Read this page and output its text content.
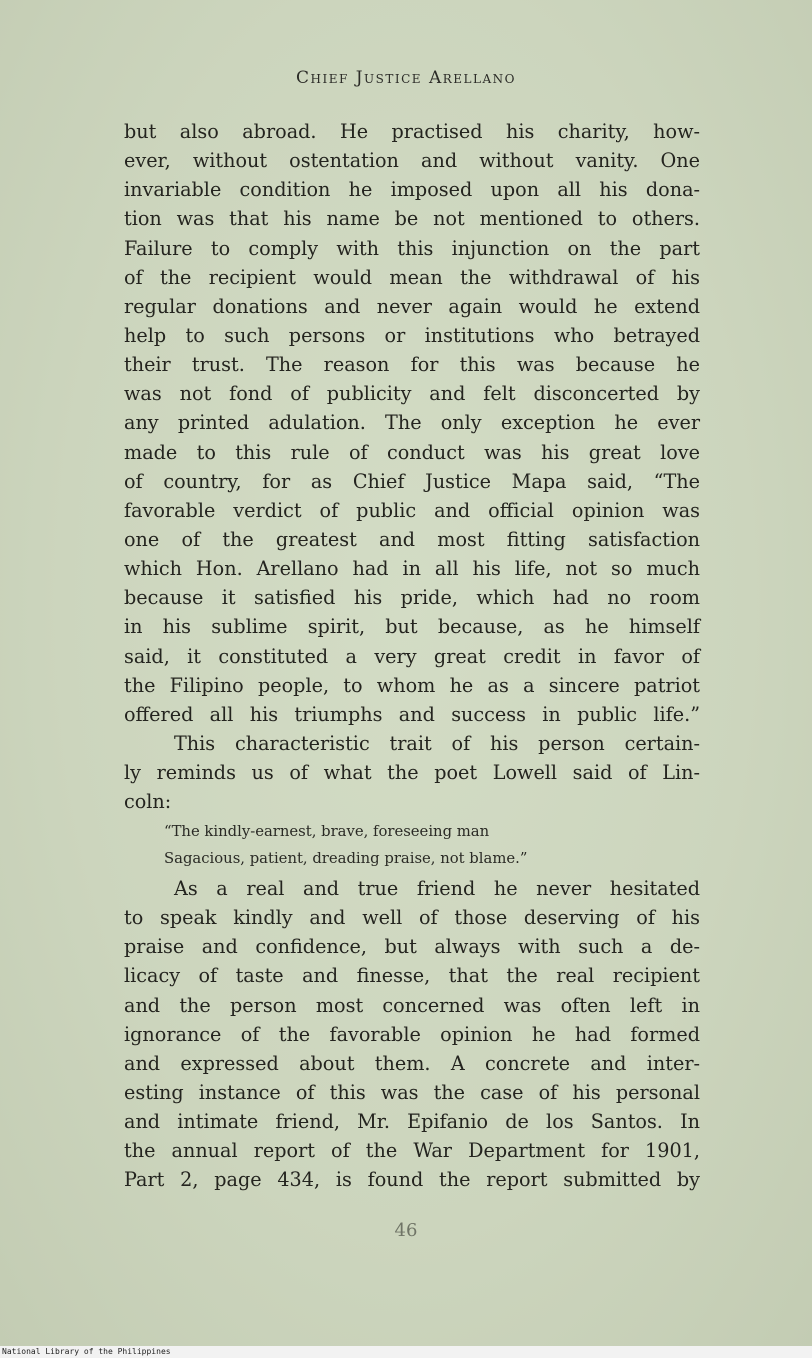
Chief Justice Arellano
but also abroad. He practised his charity, how-
ever, without ostentation and without vanity. One
invariable condition he imposed upon all his dona-
tion was that his name be not mentioned to others.
Failure to comply with this injunction on the part
of the recipient would mean the withdrawal of his
regular donations and never again would he extend
help to such persons or institutions who betrayed
their trust. The reason for this was because he
was not fond of publicity and felt disconcerted by
any printed adulation. The only exception he ever
made to this rule of conduct was his great love
of country, for as Chief Justice Mapa said, “The
favorable verdict of public and official opinion was
one of the greatest and most fitting satisfaction
which Hon. Arellano had in all his life, not so much
because it satisfied his pride, which had no room
in his sublime spirit, but because, as he himself
said, it constituted a very great credit in favor of
the Filipino people, to whom he as a sincere patriot
offered all his triumphs and success in public life.”
This characteristic trait of his person certain-
ly reminds us of what the poet Lowell said of Lin-
coln:
“The kindly-earnest, brave, foreseeing man
Sagacious, patient, dreading praise, not blame.”
As a real and true friend he never hesitated
to speak kindly and well of those deserving of his
praise and confidence, but always with such a de-
licacy of taste and finesse, that the real recipient
and the person most concerned was often left in
ignorance of the favorable opinion he had formed
and expressed about them. A concrete and inter-
esting instance of this was the case of his personal
and intimate friend, Mr. Epifanio de los Santos. In
the annual report of the War Department for 1901,
Part 2, page 434, is found the report submitted by
46
National Library of the Philippines
